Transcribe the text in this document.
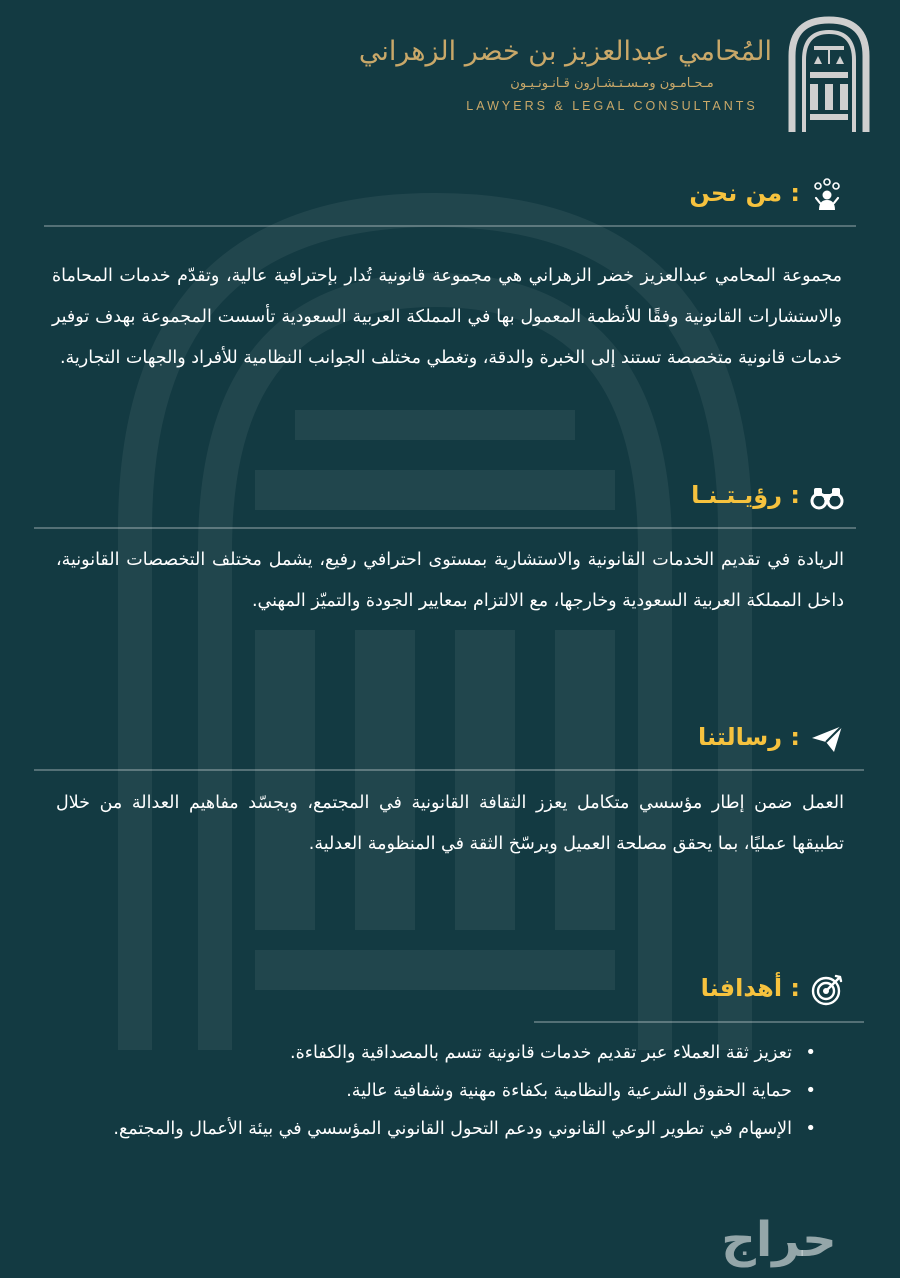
المُحامي عبدالعزيز بن خضر الزهراني
مـحـامـون ومـسـتـشـارون قـانـونـيـون
LAWYERS & LEGAL CONSULTANTS
: من نحن
مجموعة المحامي عبدالعزيز خضر الزهراني هي مجموعة قانونية تُدار بإحترافية عالية، وتقدّم خدمات المحاماة والاستشارات القانونية وفقًا للأنظمة المعمول بها في المملكة العربية السعودية تأسست المجموعة بهدف توفير خدمات قانونية متخصصة تستند إلى الخبرة والدقة، وتغطي مختلف الجوانب النظامية للأفراد والجهات التجارية.
: رؤيـتـنـا
الريادة في تقديم الخدمات القانونية والاستشارية بمستوى احترافي رفيع، يشمل مختلف التخصصات القانونية، داخل المملكة العربية السعودية وخارجها، مع الالتزام بمعايير الجودة والتميّز المهني.
: رسالتنا
العمل ضمن إطار مؤسسي متكامل يعزز الثقافة القانونية في المجتمع، ويجسّد مفاهيم العدالة من خلال تطبيقها عمليًا، بما يحقق مصلحة العميل ويرسّخ الثقة في المنظومة العدلية.
: أهدافنا
•
تعزيز ثقة العملاء عبر تقديم خدمات قانونية تتسم بالمصداقية والكفاءة.
•
حماية الحقوق الشرعية والنظامية بكفاءة مهنية وشفافية عالية.
•
الإسهام في تطوير الوعي القانوني ودعم التحول القانوني المؤسسي في بيئة الأعمال والمجتمع.
حراج
